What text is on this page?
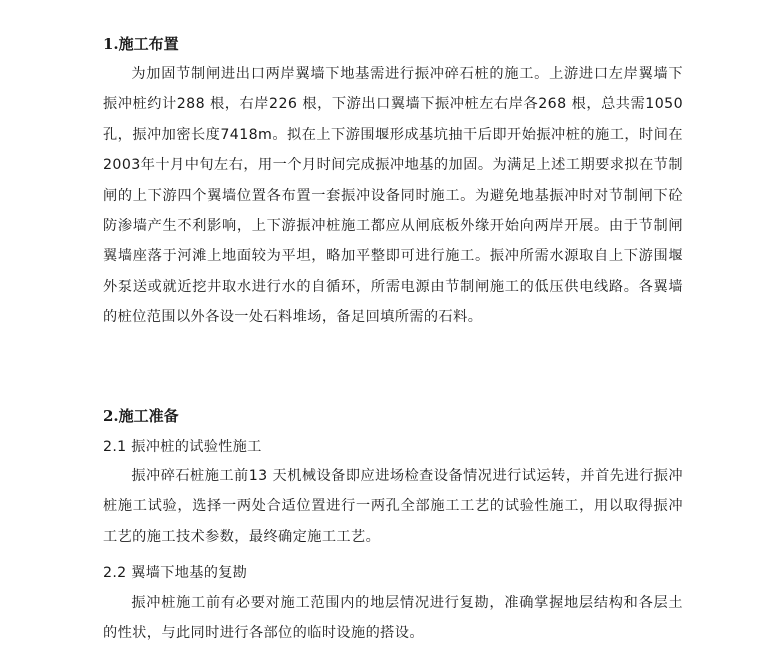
1.施工布置

为加固节制闸进出口两岸翼墙下地基需进行振冲碎石桩的施工。上游进口左岸翼墙下振冲桩约计288 根，右岸226 根，下游出口翼墙下振冲桩左右岸各268 根，总共需1050 孔，振冲加密长度7418m。拟在上下游围堰形成基坑抽干后即开始振冲桩的施工，时间在2003年十月中旬左右，用一个月时间完成振冲地基的加固。为满足上述工期要求拟在节制闸的上下游四个翼墙位置各布置一套振冲设备同时施工。为避免地基振冲时对节制闸下砼防渗墙产生不利影响，上下游振冲桩施工都应从闸底板外缘开始向两岸开展。由于节制闸翼墙座落于河滩上地面较为平坦，略加平整即可进行施工。振冲所需水源取自上下游围堰外泵送或就近挖井取水进行水的自循环，所需电源由节制闸施工的低压供电线路。各翼墙的桩位范围以外各设一处石料堆场，备足回填所需的石料。

2.施工准备
2.1 振冲桩的试验性施工

振冲碎石桩施工前13 天机械设备即应进场检查设备情况进行试运转，并首先进行振冲桩施工试验，选择一两处合适位置进行一两孔全部施工工艺的试验性施工，用以取得振冲工艺的施工技术参数，最终确定施工工艺。

2.2 翼墙下地基的复勘

振冲桩施工前有必要对施工范围内的地层情况进行复勘，准确掌握地层结构和各层土的性状，与此同时进行各部位的临时设施的搭设。
